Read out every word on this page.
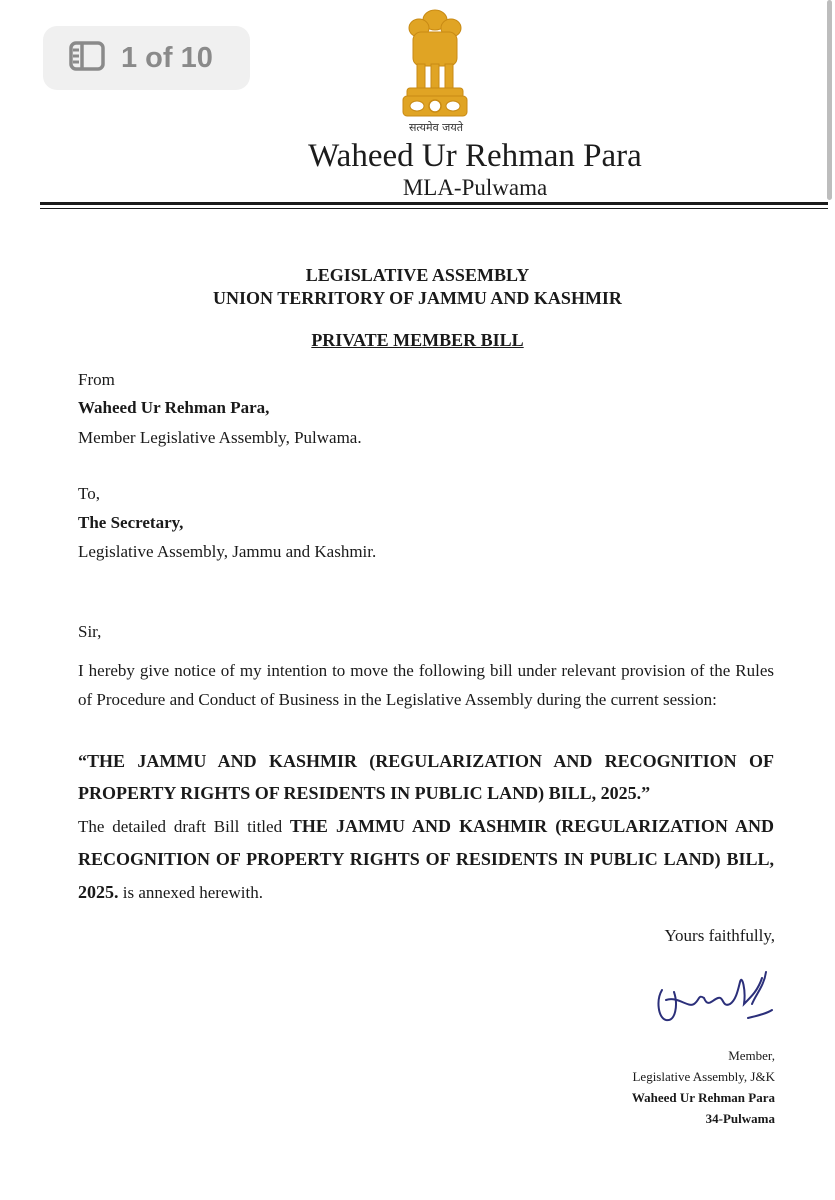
1 of 10
सत्यमेव जयते
Waheed Ur Rehman Para
MLA-Pulwama
LEGISLATIVE ASSEMBLY
UNION TERRITORY OF JAMMU AND KASHMIR
PRIVATE MEMBER BILL
From
Waheed Ur Rehman Para,
Member Legislative Assembly, Pulwama.
To,
The Secretary,
Legislative Assembly, Jammu and Kashmir.
Sir,
I hereby give notice of my intention to move the following bill under relevant provision of the Rules of Procedure and Conduct of Business in the Legislative Assembly during the current session:
“THE JAMMU AND KASHMIR (REGULARIZATION AND RECOGNITION OF PROPERTY RIGHTS OF RESIDENTS IN PUBLIC LAND) BILL, 2025.”
The detailed draft Bill titled THE JAMMU AND KASHMIR (REGULARIZATION AND RECOGNITION OF PROPERTY RIGHTS OF RESIDENTS IN PUBLIC LAND) BILL, 2025. is annexed herewith.
Yours faithfully,
Member,
Legislative Assembly, J&K
Waheed Ur Rehman Para
34-Pulwama
